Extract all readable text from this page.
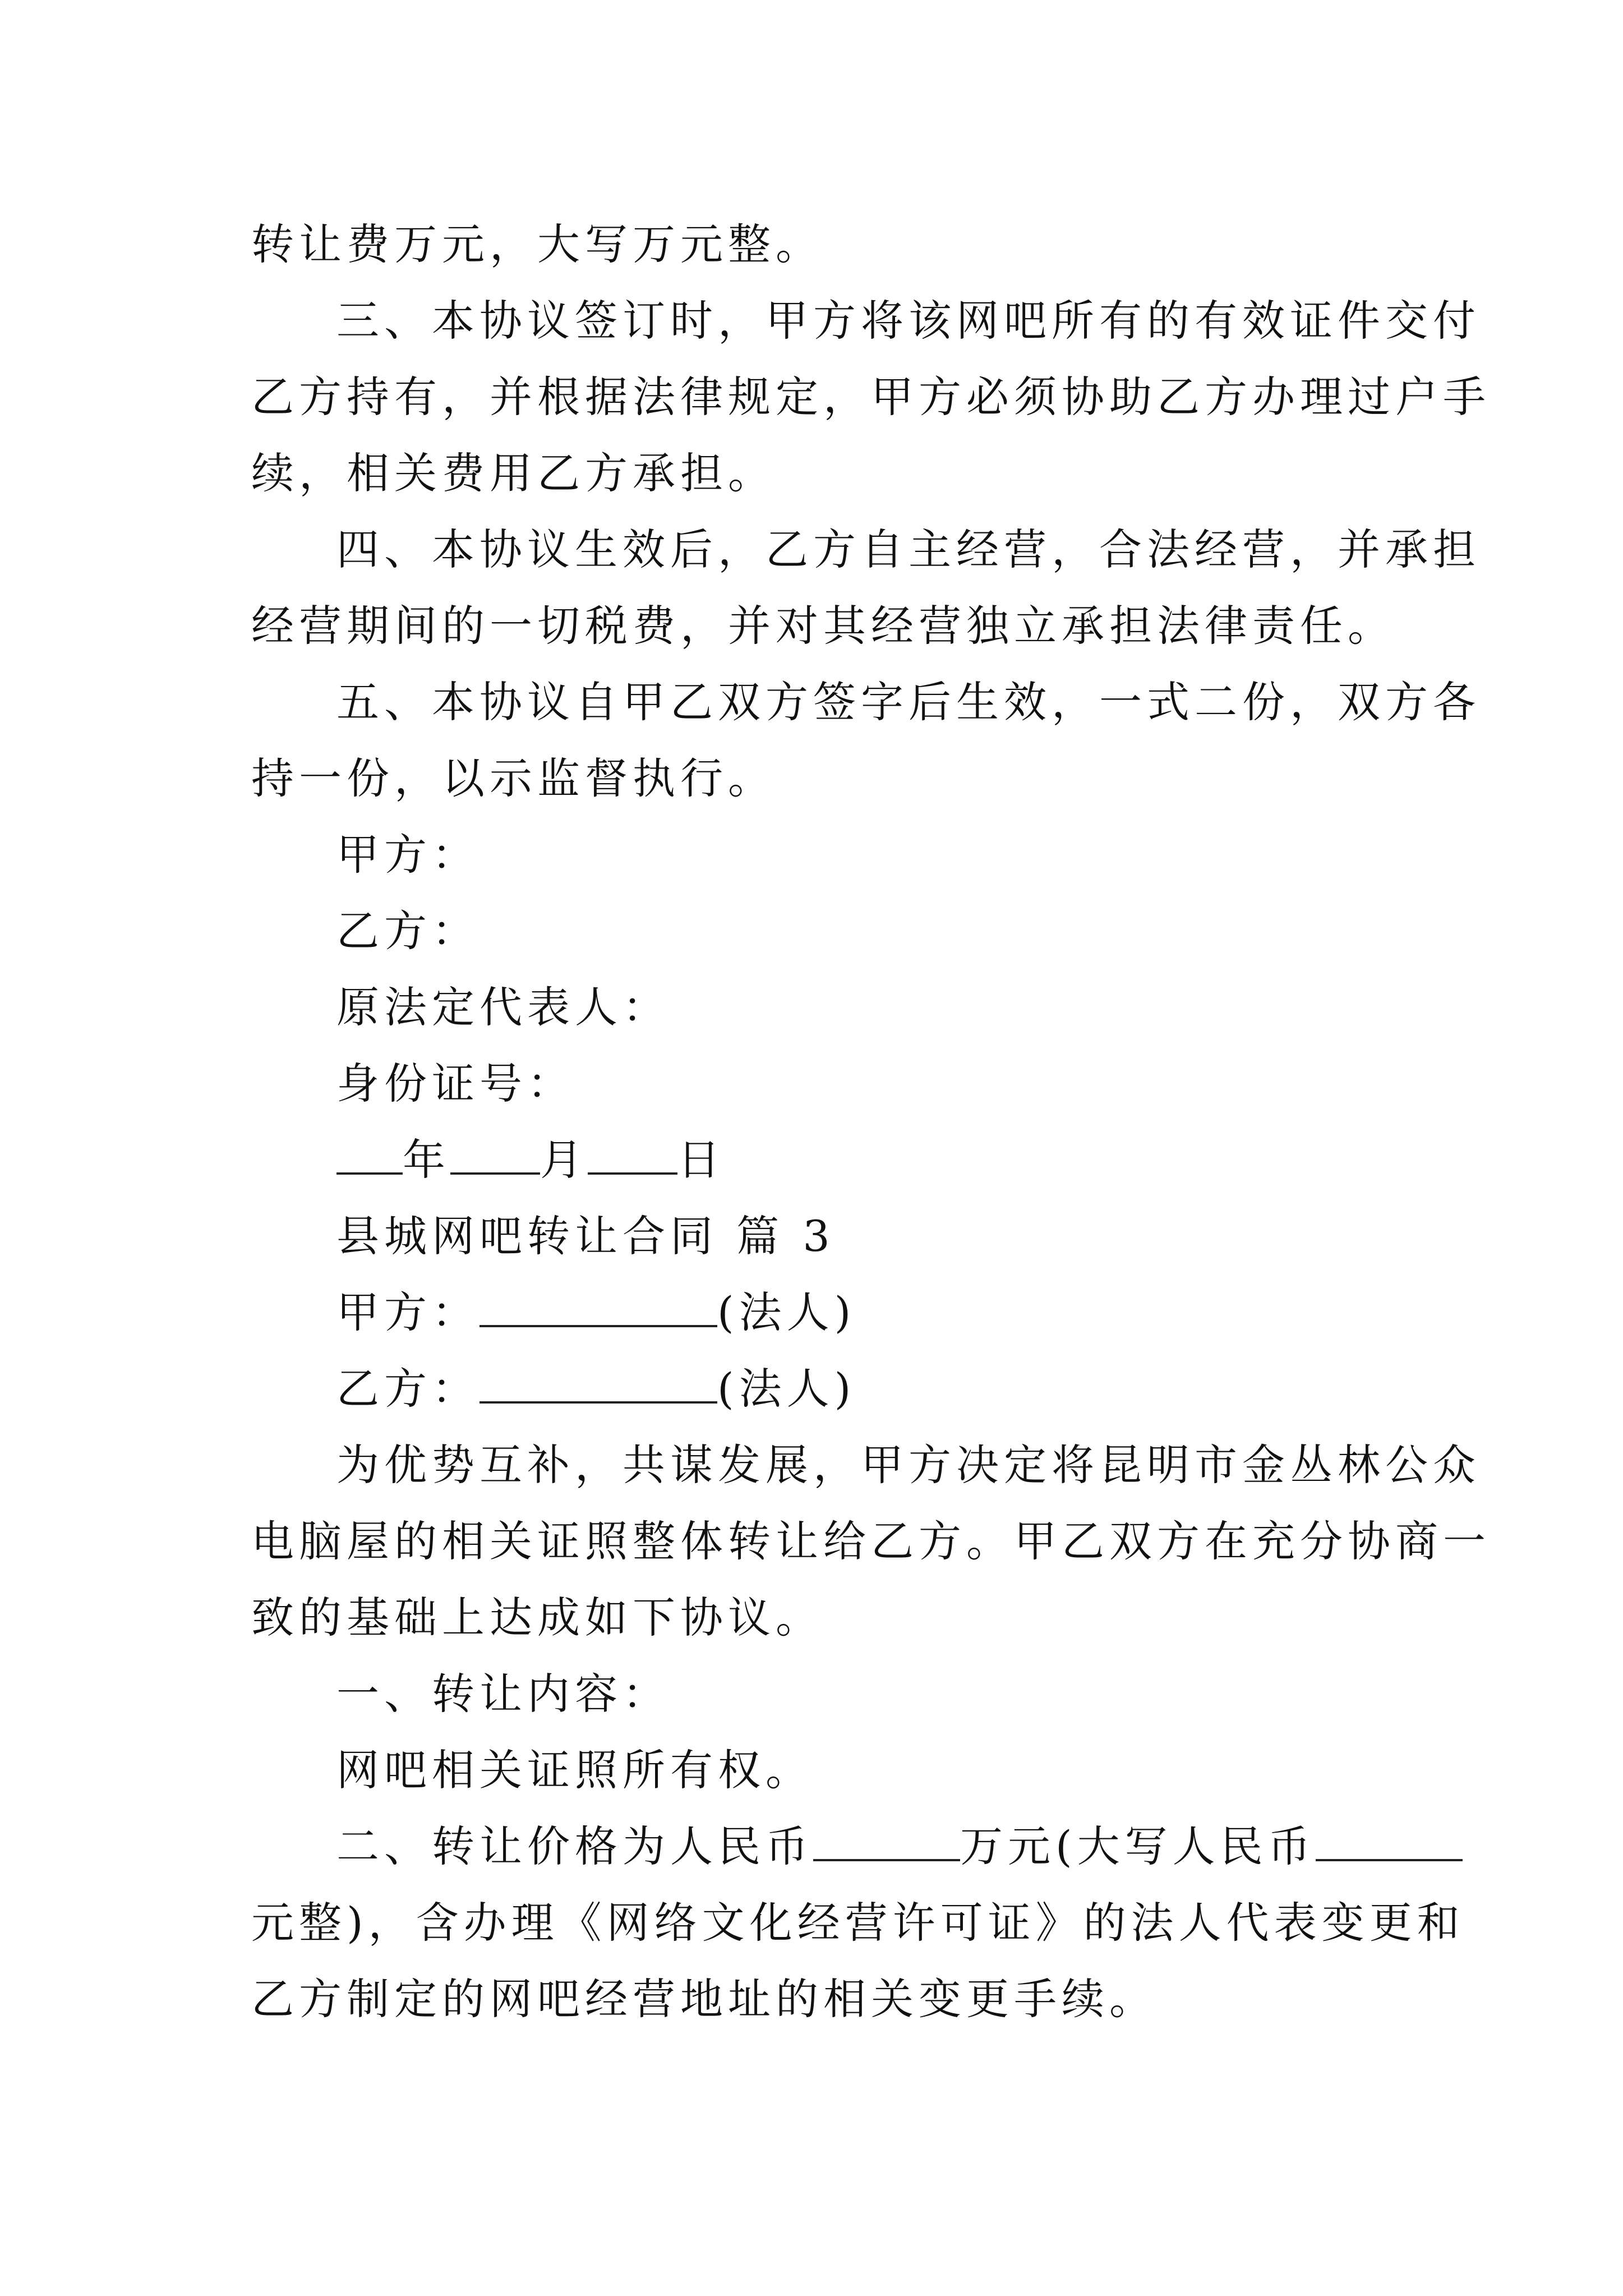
转让费万元，大写万元整。
三、本协议签订时，甲方将该网吧所有的有效证件交付
乙方持有，并根据法律规定，甲方必须协助乙方办理过户手
续，相关费用乙方承担。
四、本协议生效后，乙方自主经营，合法经营，并承担
经营期间的一切税费，并对其经营独立承担法律责任。
五、本协议自甲乙双方签字后生效，一式二份，双方各
持一份，以示监督执行。
甲方：
乙方：
原法定代表人：
身份证号：
年 月 日
县城网吧转让合同 篇 3
甲方：	(法人)
乙方：	(法人)
为优势互补，共谋发展，甲方决定将昆明市金丛林公众
电脑屋的相关证照整体转让给乙方。甲乙双方在充分协商一
致的基础上达成如下协议。
一、转让内容：
网吧相关证照所有权。
二、转让价格为人民币	万元(大写人民币
元整)，含办理《网络文化经营许可证》的法人代表变更和
乙方制定的网吧经营地址的相关变更手续。
